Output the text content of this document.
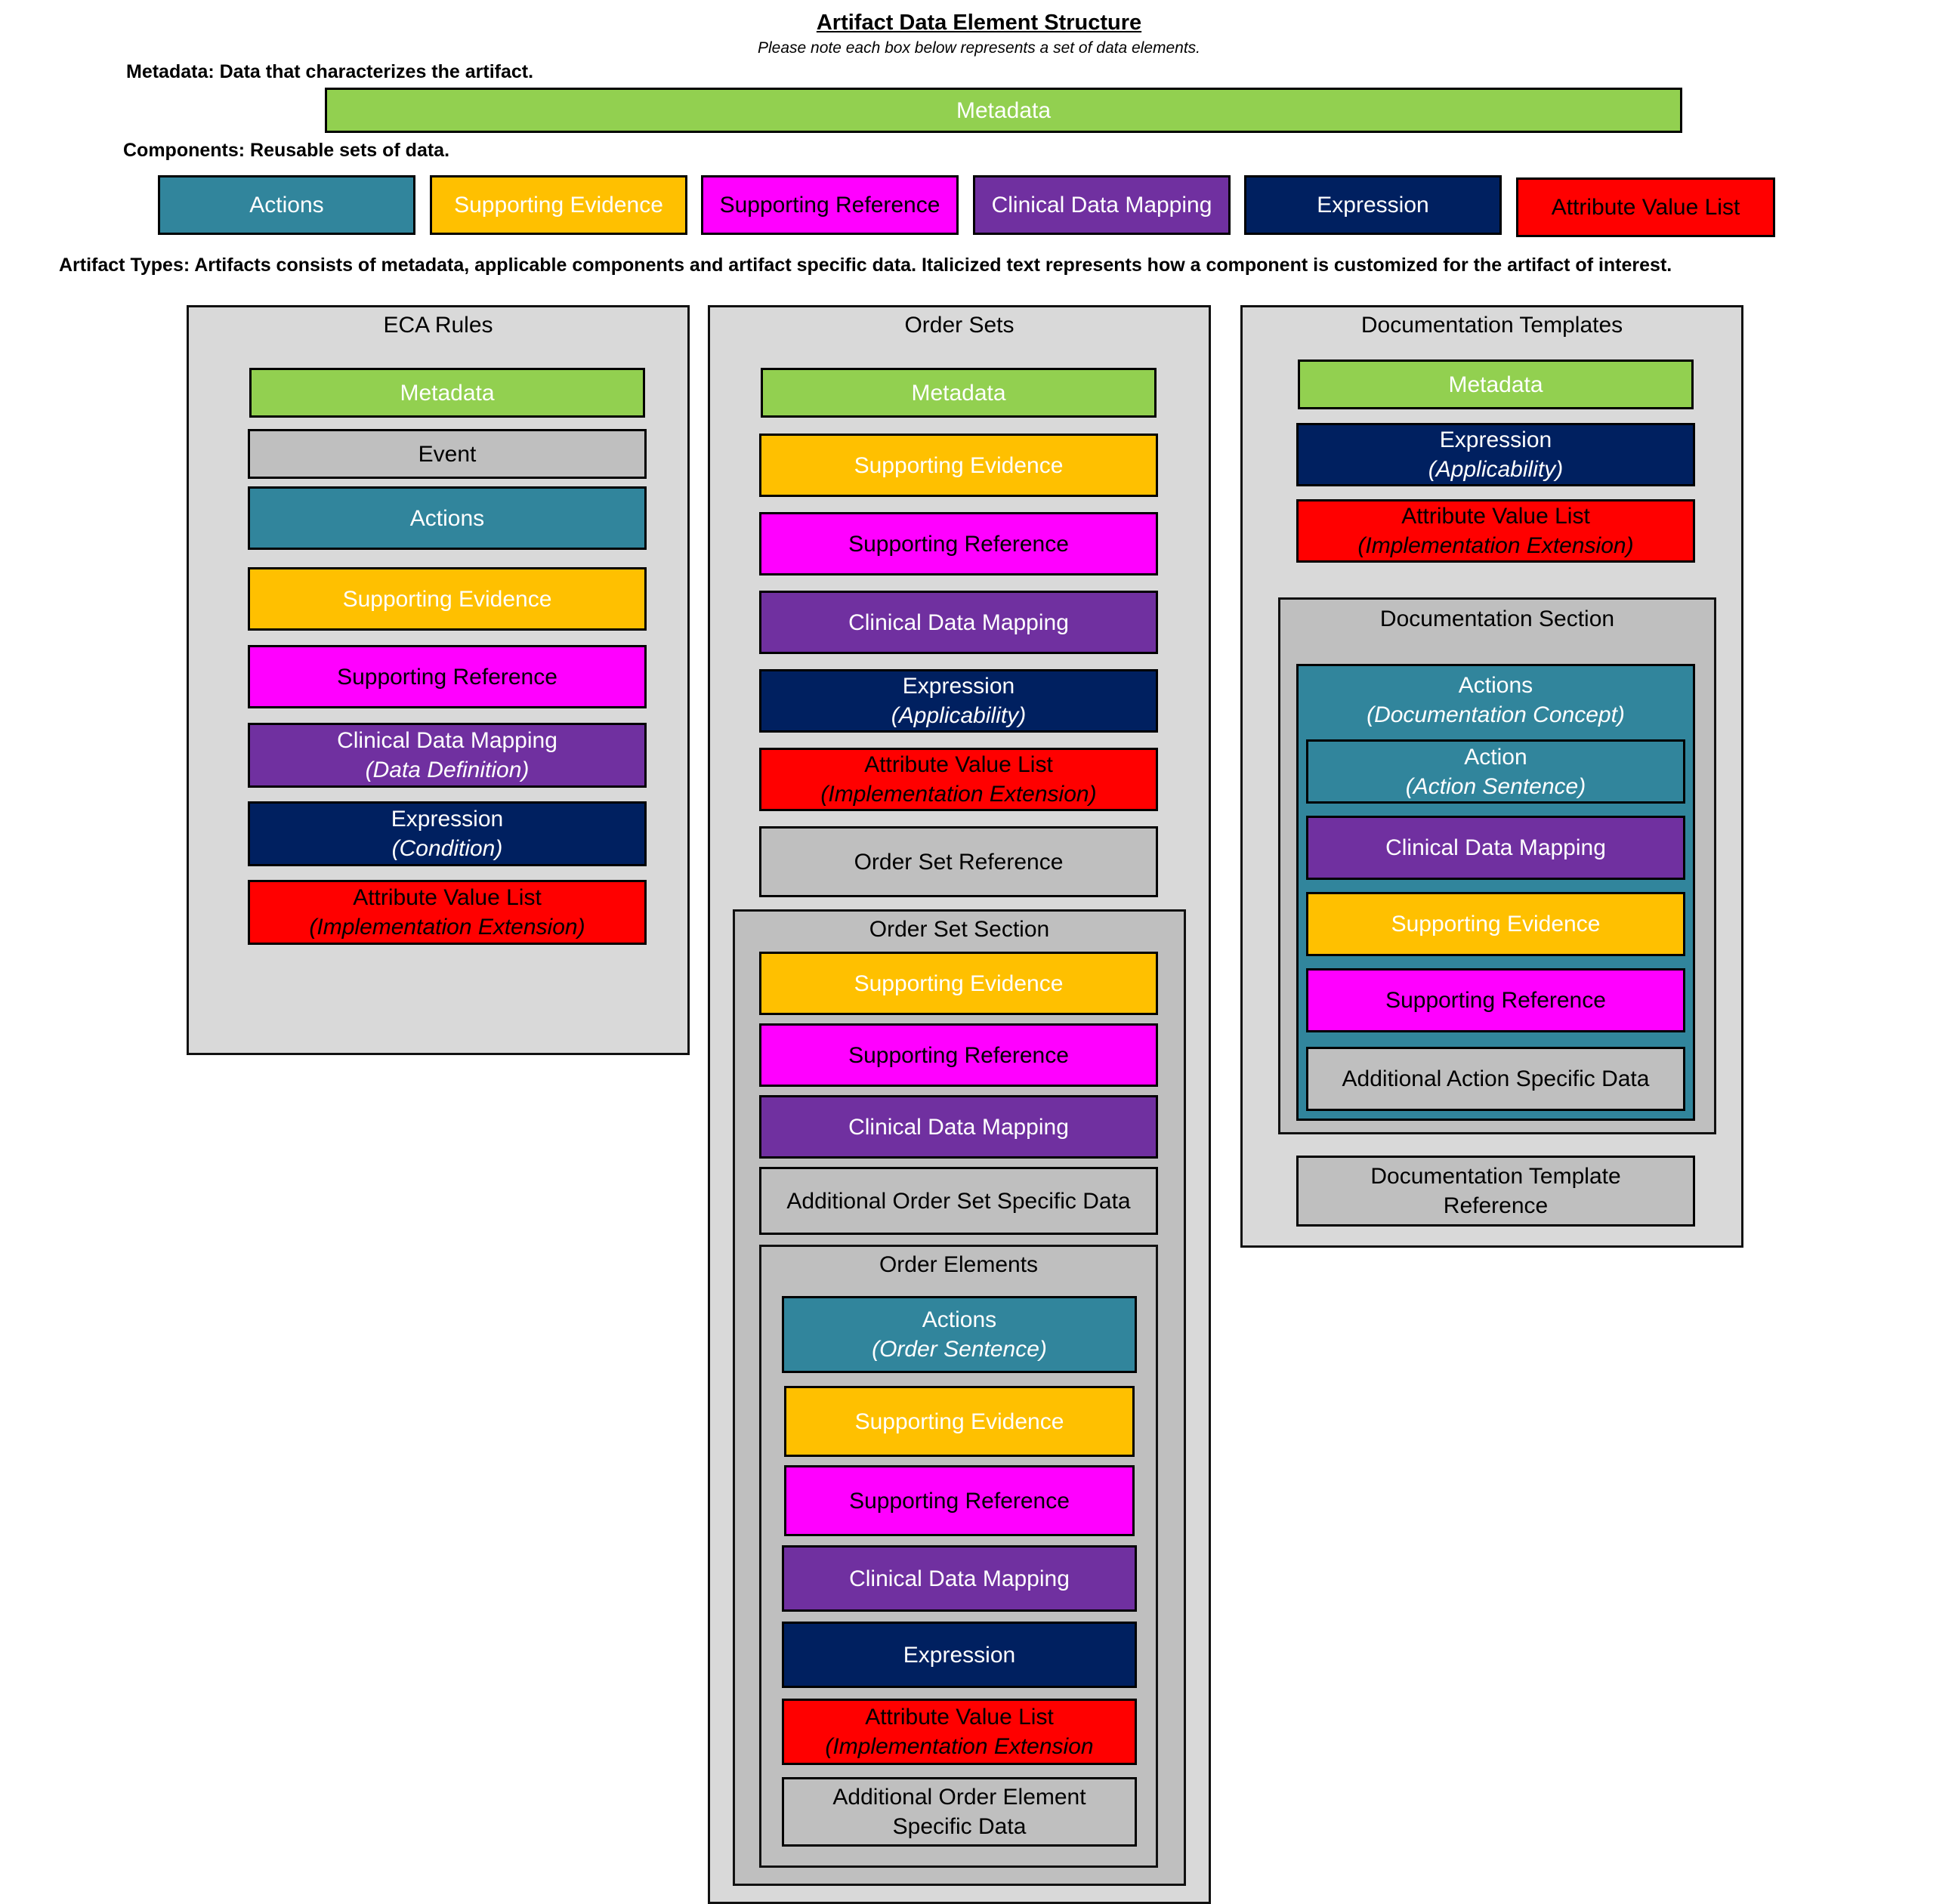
Artifact Data Element Structure
Please note each box below represents a set of data elements.
Metadata: Data that characterizes the artifact.
Metadata
Components: Reusable sets of data.
Actions	Supporting Evidence Supporting Reference Clinical Data Mapping	Expression	Attribute Value List
Artifact Types: Artifacts consists of metadata, applicable components and artifact specific data. Italicized text represents how a component is customized for the artifact of interest.
ECA Rules
Metadata
Event
Actions
Supporting Evidence
Supporting Reference
Clinical Data Mapping
(Data Definition)
Expression
(Condition)
Attribute Value List
(Implementation Extension)
Order Sets
Metadata
Supporting Evidence
Supporting Reference
Clinical Data Mapping
Expression
(Applicability)
Attribute Value List
(Implementation Extension)
Order Set Reference
Order Set Section
Supporting Evidence
Supporting Reference
Clinical Data Mapping
Additional Order Set Specific Data
Order Elements
Actions
(Order Sentence)
Supporting Evidence
Supporting Reference
Clinical Data Mapping
Expression
Attribute Value List
(Implementation Extension
Additional Order Element
Specific Data
Documentation Templates
Metadata
Expression
(Applicability)
Attribute Value List
(Implementation Extension)
Documentation Section
Actions
(Documentation Concept)
Action
(Action Sentence)
Clinical Data Mapping
Supporting Evidence
Supporting Reference
Additional Action Specific Data
Documentation Template
Reference
